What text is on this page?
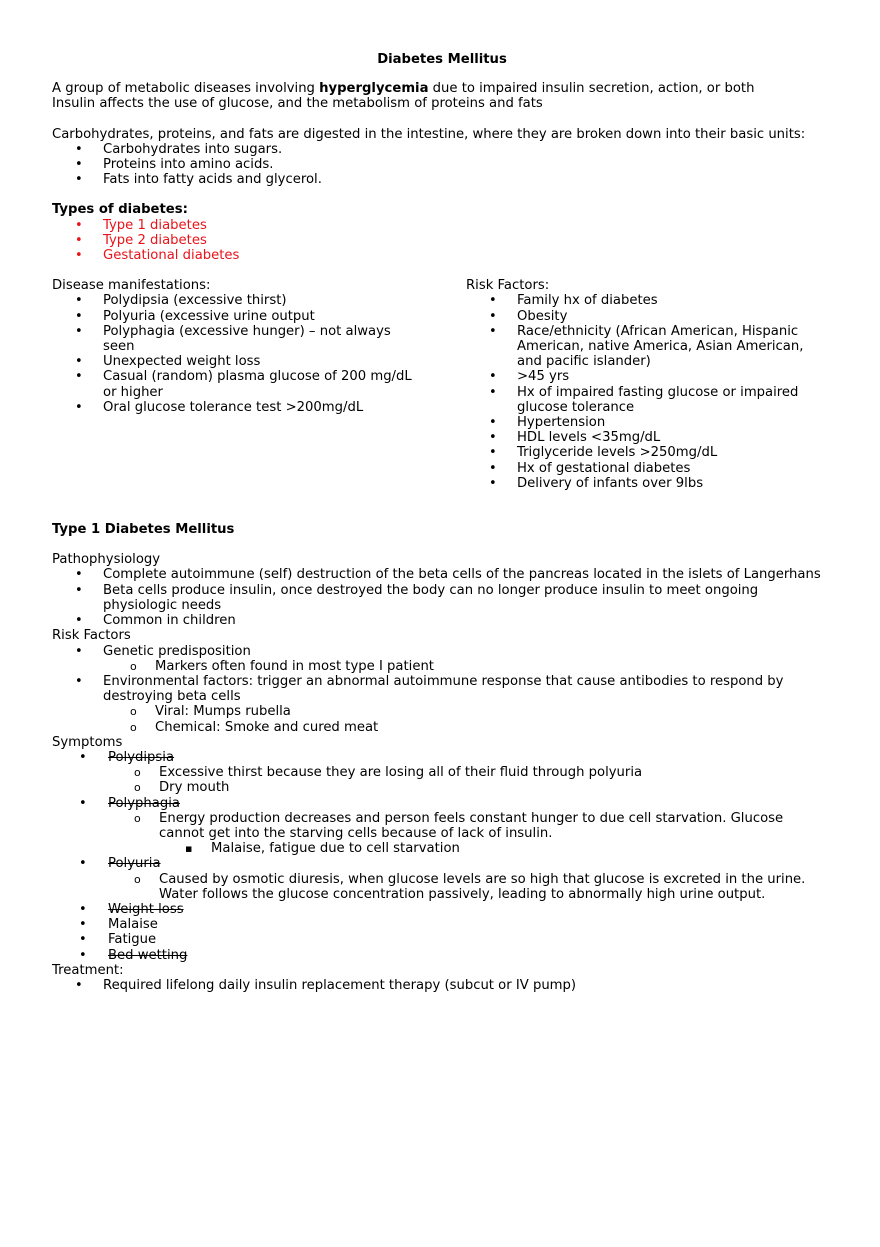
Diabetes Mellitus

A group of metabolic diseases involving hyperglycemia due to impaired insulin secretion, action, or both

Insulin affects the use of glucose, and the metabolism of proteins and fats

Carbohydrates, proteins, and fats are digested in the intestine, where they are broken down into their basic units:

• Carbohydrates into sugars.
• Proteins into amino acids.
• Fats into fatty acids and glycerol.

Types of diabetes:

• Type 1 diabetes
• Type 2 diabetes
• Gestational diabetes

Disease manifestations:

• Polydipsia (excessive thirst)
• Polyuria (excessive urine output
• Polyphagia (excessive hunger) – not always seen
• Unexpected weight loss
• Casual (random) plasma glucose of 200 mg/dL or higher
• Oral glucose tolerance test >200mg/dL

Risk Factors:

• Family hx of diabetes
• Obesity
• Race/ethnicity (African American, Hispanic American, native America, Asian American, and pacific islander)
• >45 yrs
• Hx of impaired fasting glucose or impaired glucose tolerance
• Hypertension
• HDL levels <35mg/dL
• Triglyceride levels >250mg/dL
• Hx of gestational diabetes
• Delivery of infants over 9lbs

Type 1 Diabetes Mellitus

Pathophysiology

• Complete autoimmune (self) destruction of the beta cells of the pancreas located in the islets of Langerhans
• Beta cells produce insulin, once destroyed the body can no longer produce insulin to meet ongoing physiologic needs
• Common in children

Risk Factors

• Genetic predisposition
o Markers often found in most type I patient
• Environmental factors: trigger an abnormal autoimmune response that cause antibodies to respond by destroying beta cells
o Viral: Mumps rubella
o Chemical: Smoke and cured meat

Symptoms

• Polydipsia
o Excessive thirst because they are losing all of their fluid through polyuria
o Dry mouth
• Polyphagia
o Energy production decreases and person feels constant hunger to due cell starvation. Glucose cannot get into the starving cells because of lack of insulin.
▪ Malaise, fatigue due to cell starvation
• Polyuria
o Caused by osmotic diuresis, when glucose levels are so high that glucose is excreted in the urine. Water follows the glucose concentration passively, leading to abnormally high urine output.
• Weight loss
• Malaise
• Fatigue
• Bed wetting

Treatment:

• Required lifelong daily insulin replacement therapy (subcut or IV pump)
